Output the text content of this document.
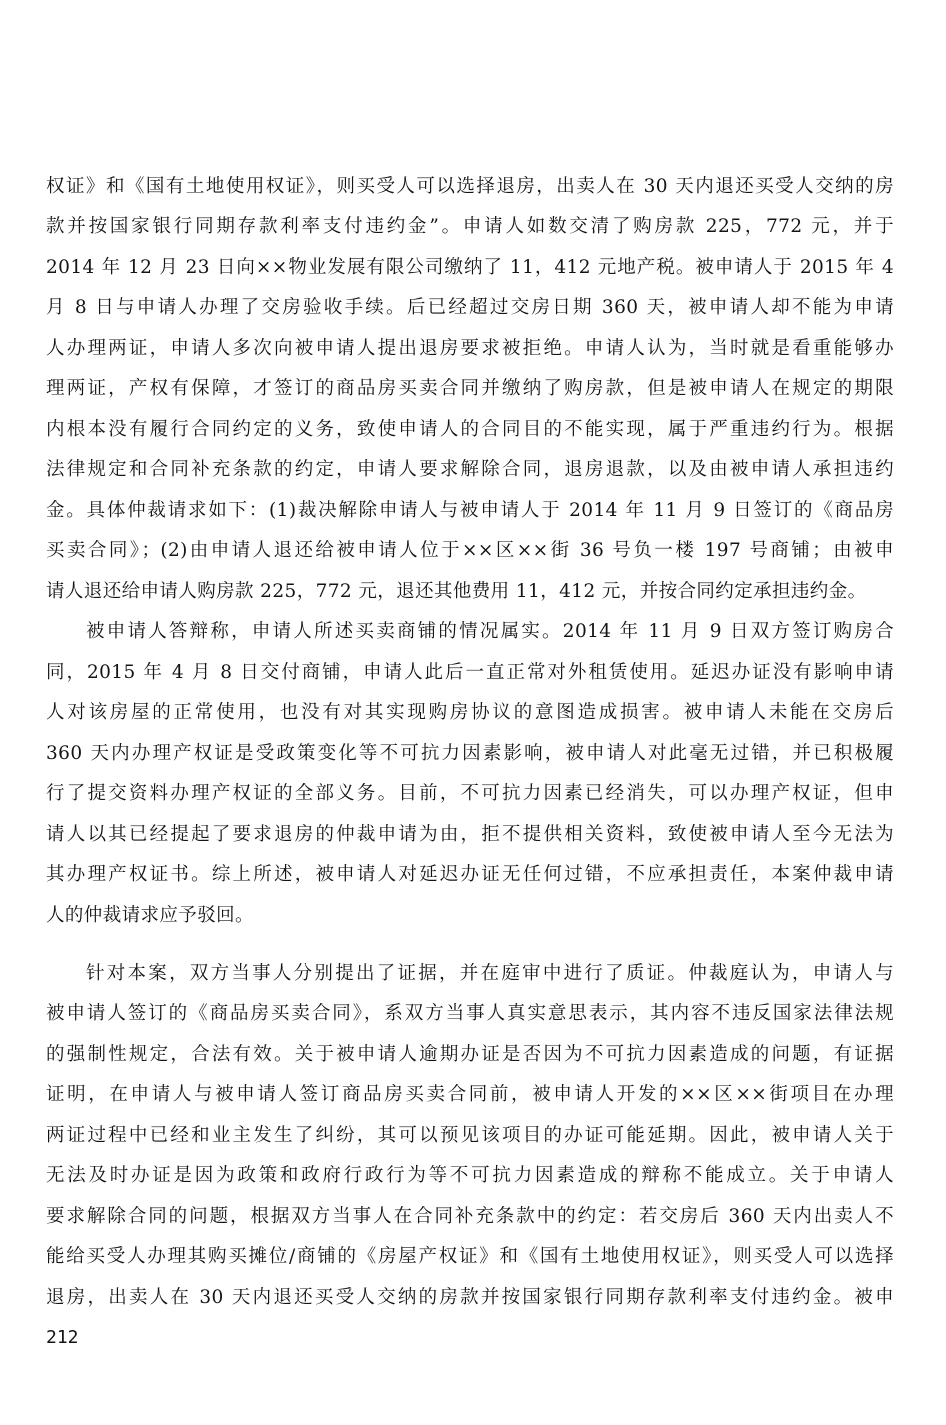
权证》和《国有土地使用权证》，则买受人可以选择退房，出卖人在 30 天内退还买受人交纳的房
款并按国家银行同期存款利率支付违约金”。申请人如数交清了购房款 225，772 元，并于
2014 年 12 月 23 日向××物业发展有限公司缴纳了 11，412 元地产税。被申请人于 2015 年 4
月 8 日与申请人办理了交房验收手续。后已经超过交房日期 360 天，被申请人却不能为申请
人办理两证，申请人多次向被申请人提出退房要求被拒绝。申请人认为，当时就是看重能够办
理两证，产权有保障，才签订的商品房买卖合同并缴纳了购房款，但是被申请人在规定的期限
内根本没有履行合同约定的义务，致使申请人的合同目的不能实现，属于严重违约行为。根据
法律规定和合同补充条款的约定，申请人要求解除合同，退房退款，以及由被申请人承担违约
金。具体仲裁请求如下：(1)裁决解除申请人与被申请人于 2014 年 11 月 9 日签订的《商品房
买卖合同》；(2)由申请人退还给被申请人位于××区××街 36 号负一楼 197 号商铺；由被申
请人退还给申请人购房款 225，772 元，退还其他费用 11，412 元，并按合同约定承担违约金。
被申请人答辩称，申请人所述买卖商铺的情况属实。2014 年 11 月 9 日双方签订购房合
同，2015 年 4 月 8 日交付商铺，申请人此后一直正常对外租赁使用。延迟办证没有影响申请
人对该房屋的正常使用，也没有对其实现购房协议的意图造成损害。被申请人未能在交房后
360 天内办理产权证是受政策变化等不可抗力因素影响，被申请人对此毫无过错，并已积极履
行了提交资料办理产权证的全部义务。目前，不可抗力因素已经消失，可以办理产权证，但申
请人以其已经提起了要求退房的仲裁申请为由，拒不提供相关资料，致使被申请人至今无法为
其办理产权证书。综上所述，被申请人对延迟办证无任何过错，不应承担责任，本案仲裁申请
人的仲裁请求应予驳回。
针对本案，双方当事人分别提出了证据，并在庭审中进行了质证。仲裁庭认为，申请人与
被申请人签订的《商品房买卖合同》，系双方当事人真实意思表示，其内容不违反国家法律法规
的强制性规定，合法有效。关于被申请人逾期办证是否因为不可抗力因素造成的问题，有证据
证明，在申请人与被申请人签订商品房买卖合同前，被申请人开发的××区××街项目在办理
两证过程中已经和业主发生了纠纷，其可以预见该项目的办证可能延期。因此，被申请人关于
无法及时办证是因为政策和政府行政行为等不可抗力因素造成的辩称不能成立。关于申请人
要求解除合同的问题，根据双方当事人在合同补充条款中的约定：若交房后 360 天内出卖人不
能给买受人办理其购买摊位/商铺的《房屋产权证》和《国有土地使用权证》，则买受人可以选择
退房，出卖人在 30 天内退还买受人交纳的房款并按国家银行同期存款利率支付违约金。被申
212
